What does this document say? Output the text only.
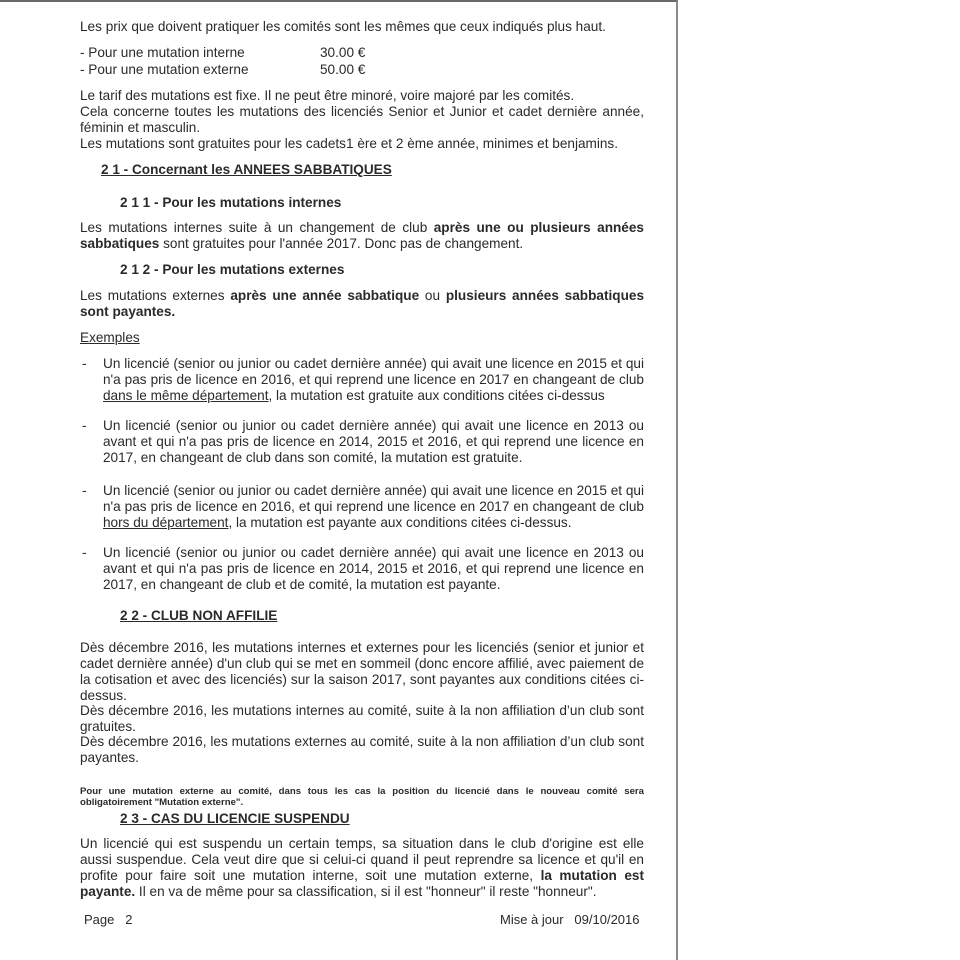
Les prix que doivent pratiquer les comités sont les mêmes que ceux indiqués plus haut.

- Pour une mutation interne	30.00 €
- Pour une mutation externe	50.00 €

Le tarif des mutations est fixe. Il ne peut être minoré, voire majoré par les comités.

Cela concerne toutes les mutations des licenciés Senior et Junior et cadet dernière année, féminin et masculin.

Les mutations sont gratuites pour les cadets1 ère et 2 ème année, minimes et benjamins.

2 1 - Concernant les ANNEES SABBATIQUES
2 1 1 - Pour les mutations internes

Les mutations internes suite à un changement de club après une ou plusieurs années sabbatiques sont gratuites pour l'année 2017. Donc pas de changement.

2 1 2 - Pour les mutations externes

Les mutations externes après une année sabbatique ou plusieurs années sabbatiques sont payantes.

Exemples
- Un licencié (senior ou junior ou cadet dernière année) qui avait une licence en 2015 et qui n'a pas pris de licence en 2016, et qui reprend une licence en 2017 en changeant de club dans le même département, la mutation est gratuite aux conditions citées ci-dessus

- Un licencié (senior ou junior ou cadet dernière année) qui avait une licence en 2013 ou avant et qui n'a pas pris de licence en 2014, 2015 et 2016, et qui reprend une licence en 2017, en changeant de club dans son comité, la mutation est gratuite.

- Un licencié (senior ou junior ou cadet dernière année) qui avait une licence en 2015 et qui n'a pas pris de licence en 2016, et qui reprend une licence en 2017 en changeant de club hors du département, la mutation est payante aux conditions citées ci-dessus.

- Un licencié (senior ou junior ou cadet dernière année) qui avait une licence en 2013 ou avant et qui n'a pas pris de licence en 2014, 2015 et 2016, et qui reprend une licence en 2017, en changeant de club et de comité, la mutation est payante.

2 2 - CLUB NON AFFILIE

Dès décembre 2016, les mutations internes et externes pour les licenciés (senior et junior et cadet dernière année) d'un club qui se met en sommeil (donc encore affilié, avec paiement de la cotisation et avec des licenciés) sur la saison 2017, sont payantes aux conditions citées ci-dessus.

Dès décembre 2016, les mutations internes au comité, suite à la non affiliation d’un club sont gratuites.

Dès décembre 2016, les mutations externes au comité, suite à la non affiliation d’un club sont payantes.

Pour une mutation externe au comité, dans tous les cas la position du licencié dans le nouveau comité sera obligatoirement "Mutation externe".

2 3 - CAS DU LICENCIE SUSPENDU

Un licencié qui est suspendu un certain temps, sa situation dans le club d'origine est elle aussi suspendue. Cela veut dire que si celui-ci quand il peut reprendre sa licence et qu'il en profite pour faire soit une mutation interne, soit une mutation externe, la mutation est payante. Il en va de même pour sa classification, si il est "honneur" il reste "honneur".

Page 2	Mise à jour 09/10/2016
